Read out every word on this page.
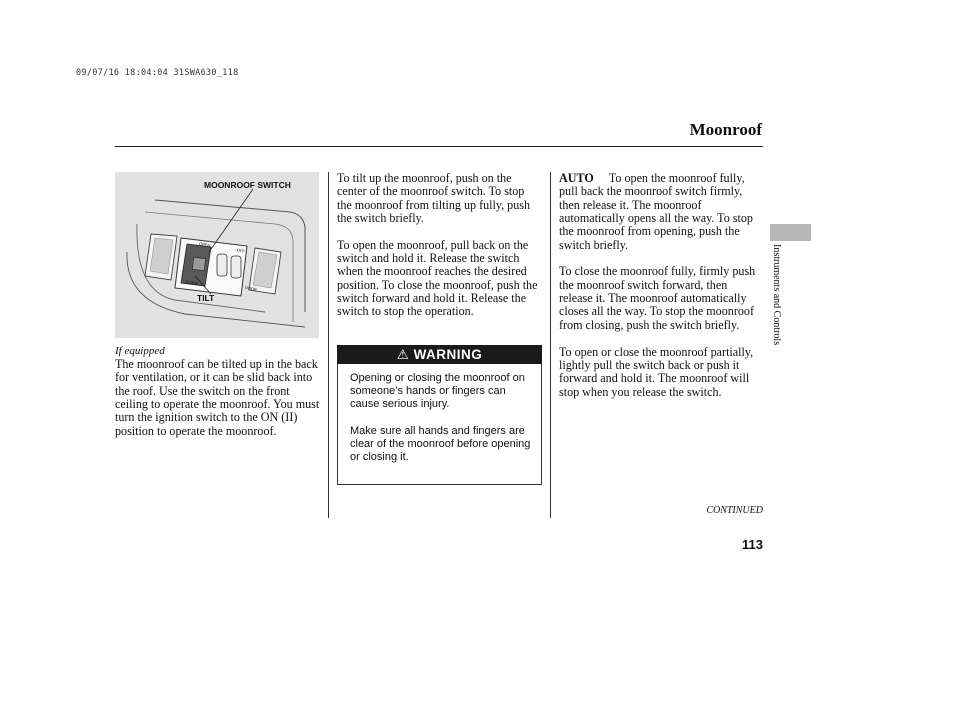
09/07/16 18:04:04 31SWA630_118
Moonroof
Instruments and Controls
MOONROOF SWITCH
TILT
OPEN
CLOSE
OFF
DOOR
If equipped

The moonroof can be tilted up in the back for ventilation, or it can be slid back into the roof. Use the switch on the front ceiling to operate the moonroof. You must turn the ignition switch to the ON (II) position to operate the moonroof.

To tilt up the moonroof, push on the center of the moonroof switch. To stop the moonroof from tilting up fully, push the switch briefly.

To open the moonroof, pull back on the switch and hold it. Release the switch when the moonroof reaches the desired position. To close the moonroof, push the switch forward and hold it. Release the switch to stop the operation.

⚠ WARNING

Opening or closing the moonroof on someone’s hands or fingers can cause serious injury.

Make sure all hands and fingers are clear of the moonroof before opening or closing it.

AUTO To open the moonroof fully, pull back the moonroof switch firmly, then release it. The moonroof automatically opens all the way. To stop the moonroof from opening, push the switch briefly.

To close the moonroof fully, firmly push the moonroof switch forward, then release it. The moonroof automatically closes all the way. To stop the moonroof from closing, push the switch briefly.

To open or close the moonroof partially, lightly pull the switch back or push it forward and hold it. The moonroof will stop when you release the switch.

CONTINUED
113
